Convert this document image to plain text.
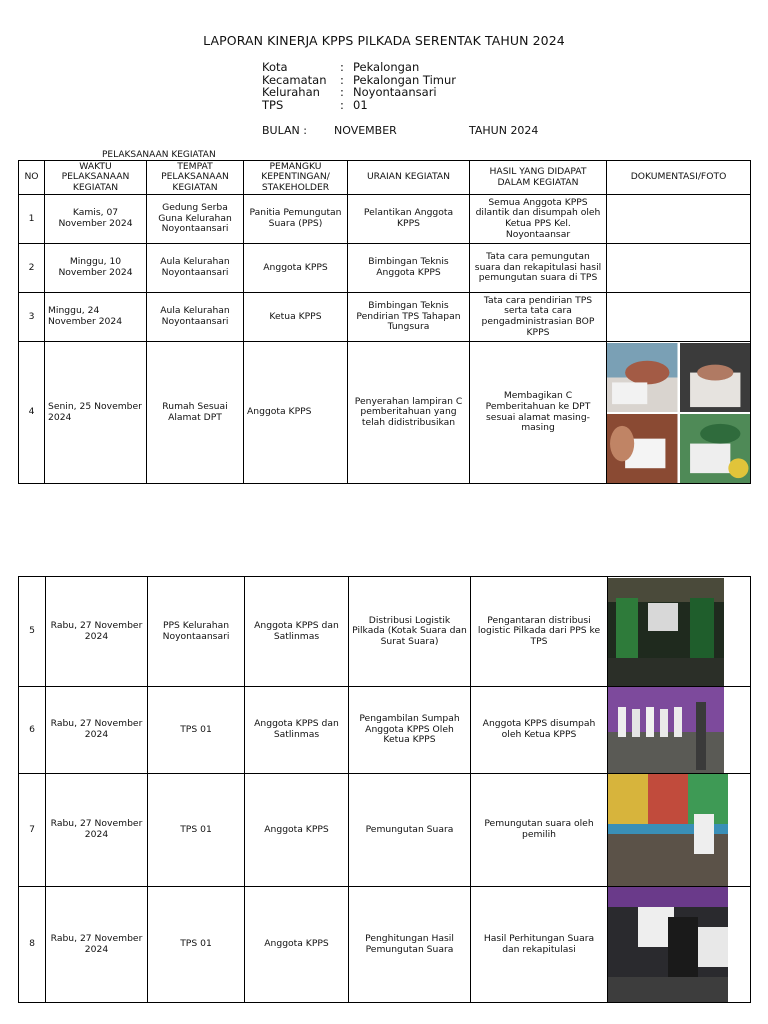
LAPORAN KINERJA KPPS PILKADA SERENTAK TAHUN 2024
Kota	: Pekalongan
Kecamatan	: Pekalongan Timur
Kelurahan	: Noyontaansari
TPS	: 01
BULAN : NOVEMBER	TAHUN 2024
PELAKSANAAN KEGIATAN
NO	WAKTU PELAKSANAAN KEGIATAN	TEMPAT PELAKSANAAN KEGIATAN	PEMANGKU KEPENTINGAN/ STAKEHOLDER	URAIAN KEGIATAN	HASIL YANG DIDAPAT DALAM KEGIATAN	DOKUMENTASI/FOTO
1	Kamis, 07 November 2024	Gedung Serba Guna Kelurahan Noyontaansari	Panitia Pemungutan Suara (PPS)	Pelantikan Anggota KPPS	Semua Anggota KPPS dilantik dan disumpah oleh Ketua PPS Kel. Noyontaansar	
2	Minggu, 10 November 2024	Aula Kelurahan Noyontaansari	Anggota KPPS	Bimbingan Teknis Anggota KPPS	Tata cara pemungutan suara dan rekapitulasi hasil pemungutan suara di TPS	
3	Minggu, 24 November 2024	Aula Kelurahan Noyontaansari	Ketua KPPS	Bimbingan Teknis Pendirian TPS Tahapan Tungsura	Tata cara pendirian TPS serta tata cara pengadministrasian BOP KPPS	
4	Senin, 25 November 2024	Rumah Sesuai Alamat DPT	Anggota KPPS	Penyerahan lampiran C pemberitahuan yang telah didistribusikan	Membagikan C Pemberitahuan ke DPT sesuai alamat masing-masing	
5	Rabu, 27 November 2024	PPS Kelurahan Noyontaansari	Anggota KPPS dan Satlinmas	Distribusi Logistik Pilkada (Kotak Suara dan Surat Suara)	Pengantaran distribusi logistic Pilkada dari PPS ke TPS	

6	Rabu, 27 November 2024	TPS 01	Anggota KPPS dan Satlinmas	Pengambilan Sumpah Anggota KPPS Oleh Ketua KPPS	Anggota KPPS disumpah oleh Ketua KPPS	

7	Rabu, 27 November 2024	TPS 01	Anggota KPPS	Pemungutan Suara	Pemungutan suara oleh pemilih	

8	Rabu, 27 November 2024	TPS 01	Anggota KPPS	Penghitungan Hasil Pemungutan Suara	Hasil Perhitungan Suara dan rekapitulasi	
